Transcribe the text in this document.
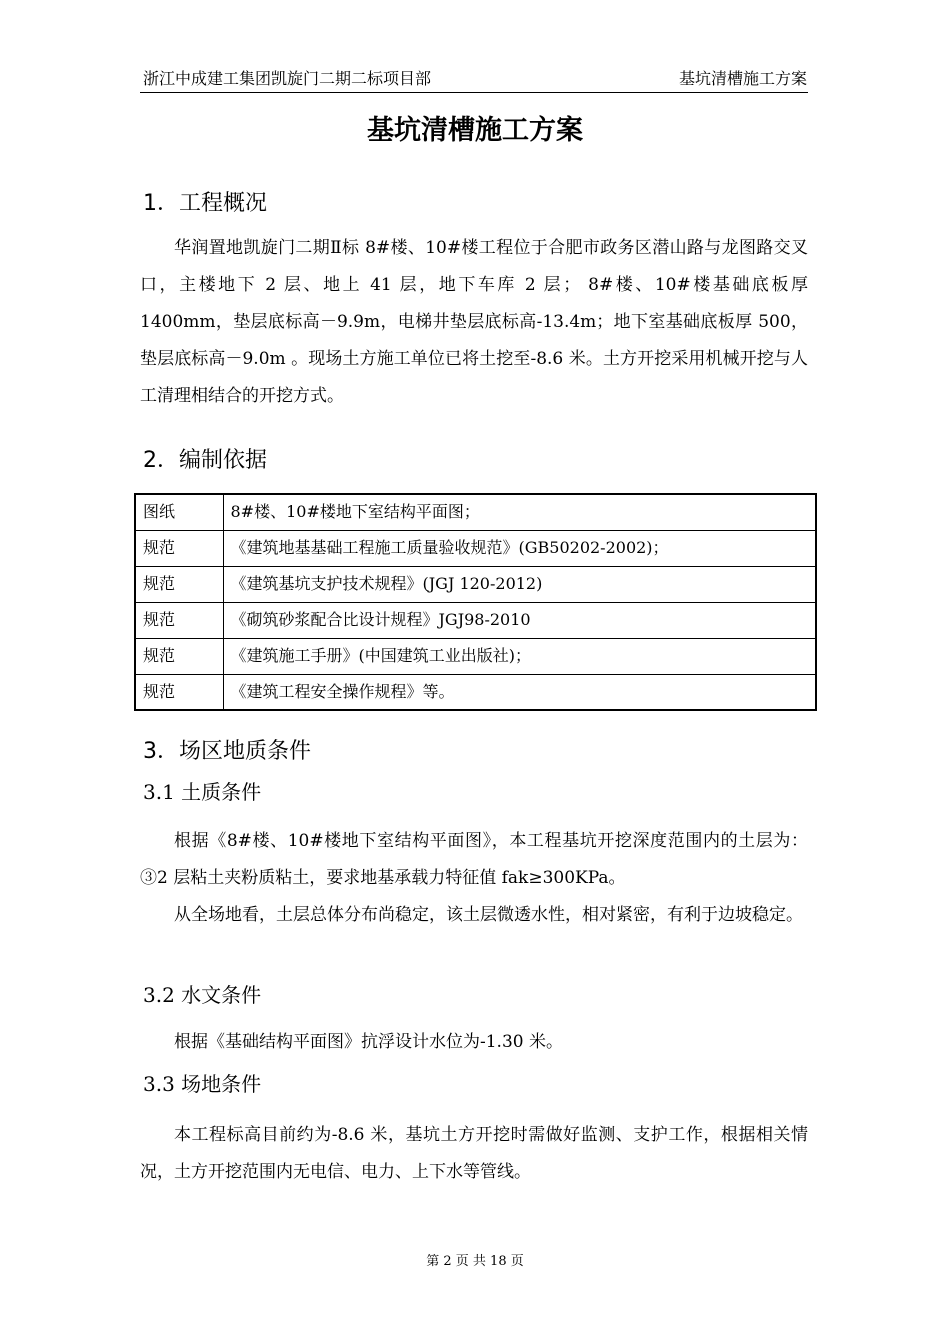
浙江中成建工集团凯旋门二期二标项目部	基坑清槽施工方案
基坑清槽施工方案
1．工程概况
华润置地凯旋门二期Ⅱ标 8#楼、10#楼工程位于合肥市政务区潜山路与龙图路交叉口，主楼地下 2 层、地上 41 层，地下车库 2 层； 8#楼、10#楼基础底板厚 1400mm，垫层底标高－9.9m，电梯井垫层底标高-13.4m；地下室基础底板厚 500，垫层底标高－9.0m 。现场土方施工单位已将土挖至-8.6 米。土方开挖采用机械开挖与人工清理相结合的开挖方式。
2．编制依据
图纸	8#楼、10#楼地下室结构平面图；
规范	《建筑地基基础工程施工质量验收规范》(GB50202-2002)；
规范	《建筑基坑支护技术规程》(JGJ 120-2012)
规范	《砌筑砂浆配合比设计规程》JGJ98-2010
规范	《建筑施工手册》(中国建筑工业出版社)；
规范	《建筑工程安全操作规程》等。
3．场区地质条件
3.1 土质条件
根据《8#楼、10#楼地下室结构平面图》，本工程基坑开挖深度范围内的土层为：③2 层粘土夹粉质粘土，要求地基承载力特征值 fak≥300KPa。
从全场地看，土层总体分布尚稳定，该土层微透水性，相对紧密，有利于边坡稳定。
3.2 水文条件
根据《基础结构平面图》抗浮设计水位为-1.30 米。
3.3 场地条件
本工程标高目前约为-8.6 米，基坑土方开挖时需做好监测、支护工作，根据相关情况，土方开挖范围内无电信、电力、上下水等管线。
第 2 页 共 18 页
